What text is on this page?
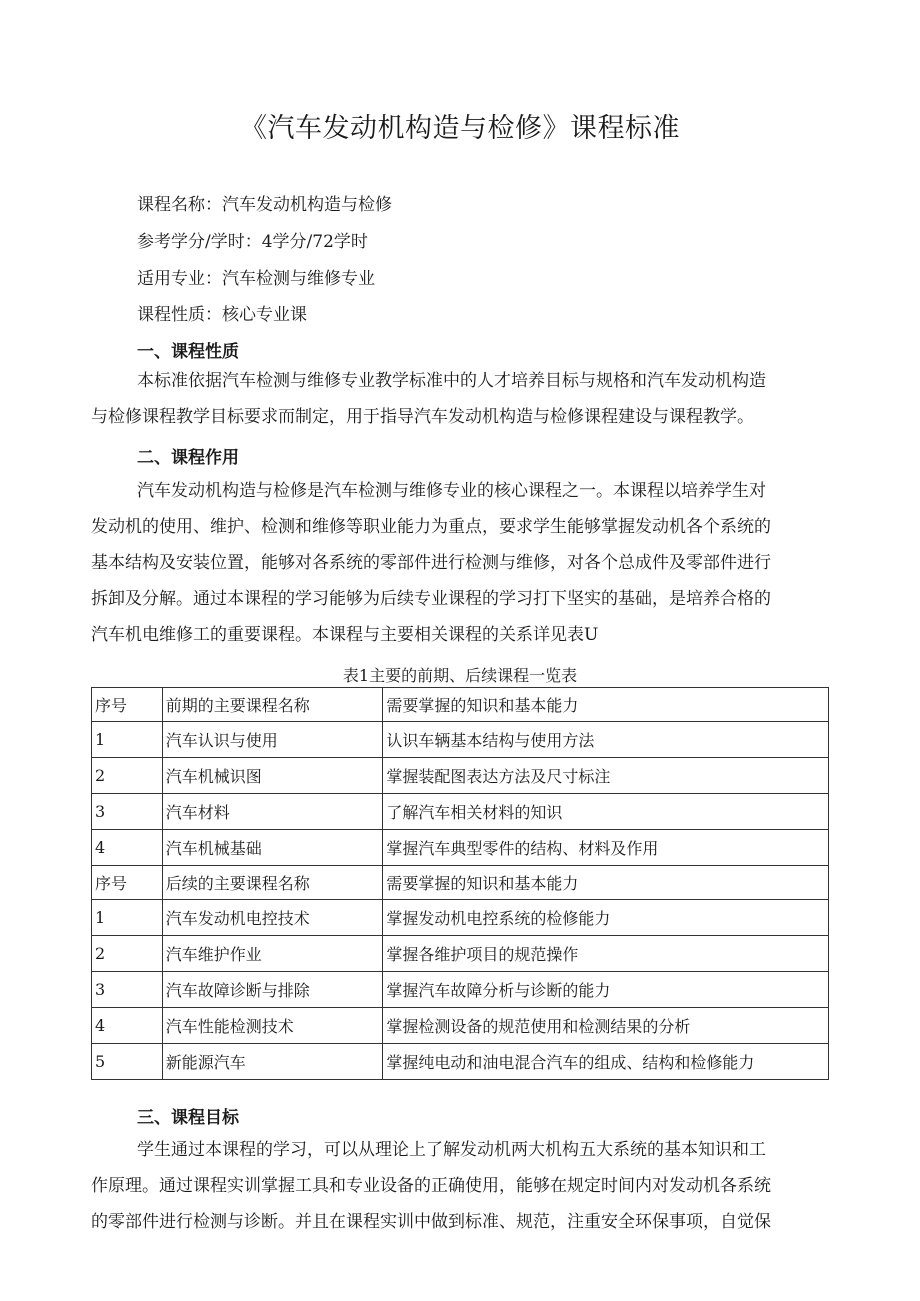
《汽车发动机构造与检修》课程标准
课程名称：汽车发动机构造与检修
参考学分/学时：4学分/72学时
适用专业：汽车检测与维修专业
课程性质：核心专业课
一、课程性质
本标准依据汽车检测与维修专业教学标准中的人才培养目标与规格和汽车发动机构造
与检修课程教学目标要求而制定，用于指导汽车发动机构造与检修课程建设与课程教学。
二、课程作用
汽车发动机构造与检修是汽车检测与维修专业的核心课程之一。本课程以培养学生对
发动机的使用、维护、检测和维修等职业能力为重点，要求学生能够掌握发动机各个系统的
基本结构及安装位置，能够对各系统的零部件进行检测与维修，对各个总成件及零部件进行
拆卸及分解。通过本课程的学习能够为后续专业课程的学习打下坚实的基础，是培养合格的
汽车机电维修工的重要课程。本课程与主要相关课程的关系详见表U
表1主要的前期、后续课程一览表
序号	前期的主要课程名称	需要掌握的知识和基本能力
1	汽车认识与使用	认识车辆基本结构与使用方法
2	汽车机械识图	掌握装配图表达方法及尺寸标注
3	汽车材料	了解汽车相关材料的知识
4	汽车机械基础	掌握汽车典型零件的结构、材料及作用
序号	后续的主要课程名称	需要掌握的知识和基本能力
1	汽车发动机电控技术	掌握发动机电控系统的检修能力
2	汽车维护作业	掌握各维护项目的规范操作
3	汽车故障诊断与排除	掌握汽车故障分析与诊断的能力
4	汽车性能检测技术	掌握检测设备的规范使用和检测结果的分析
5	新能源汽车	掌握纯电动和油电混合汽车的组成、结构和检修能力
三、课程目标
学生通过本课程的学习，可以从理论上了解发动机两大机构五大系统的基本知识和工
作原理。通过课程实训掌握工具和专业设备的正确使用，能够在规定时间内对发动机各系统
的零部件进行检测与诊断。并且在课程实训中做到标准、规范，注重安全环保事项，自觉保
